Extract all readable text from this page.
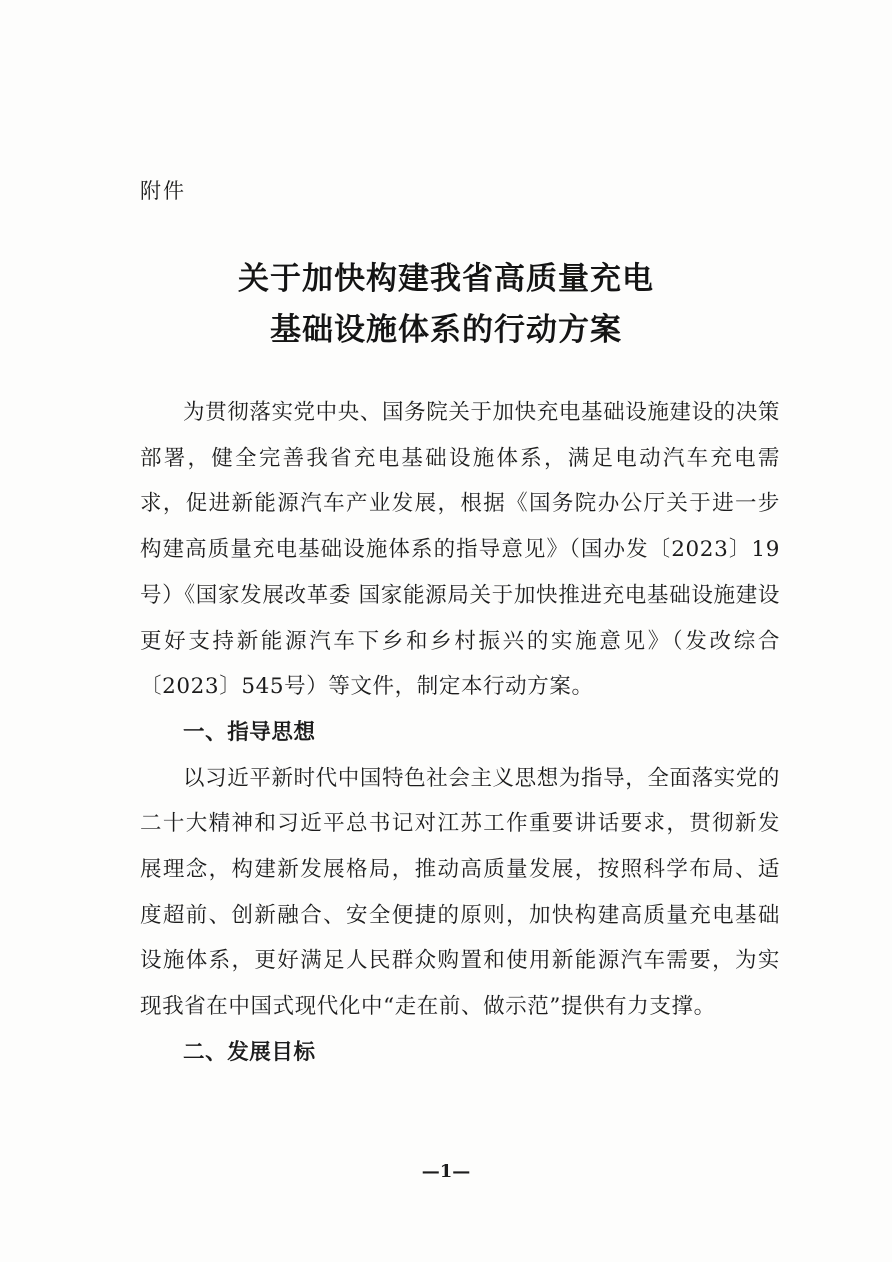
附件
关于加快构建我省高质量充电
基础设施体系的行动方案

为贯彻落实党中央、国务院关于加快充电基础设施建设的决策部署，健全完善我省充电基础设施体系，满足电动汽车充电需求，促进新能源汽车产业发展，根据《国务院办公厅关于进一步构建高质量充电基础设施体系的指导意见》（国办发〔2023〕19号）《国家发展改革委 国家能源局关于加快推进充电基础设施建设 更好支持新能源汽车下乡和乡村振兴的实施意见》（发改综合〔2023〕545号）等文件，制定本行动方案。

一、指导思想

以习近平新时代中国特色社会主义思想为指导，全面落实党的二十大精神和习近平总书记对江苏工作重要讲话要求，贯彻新发展理念，构建新发展格局，推动高质量发展，按照科学布局、适度超前、创新融合、安全便捷的原则，加快构建高质量充电基础设施体系，更好满足人民群众购置和使用新能源汽车需要，为实现我省在中国式现代化中“走在前、做示范”提供有力支撑。

二、发展目标

—1—
